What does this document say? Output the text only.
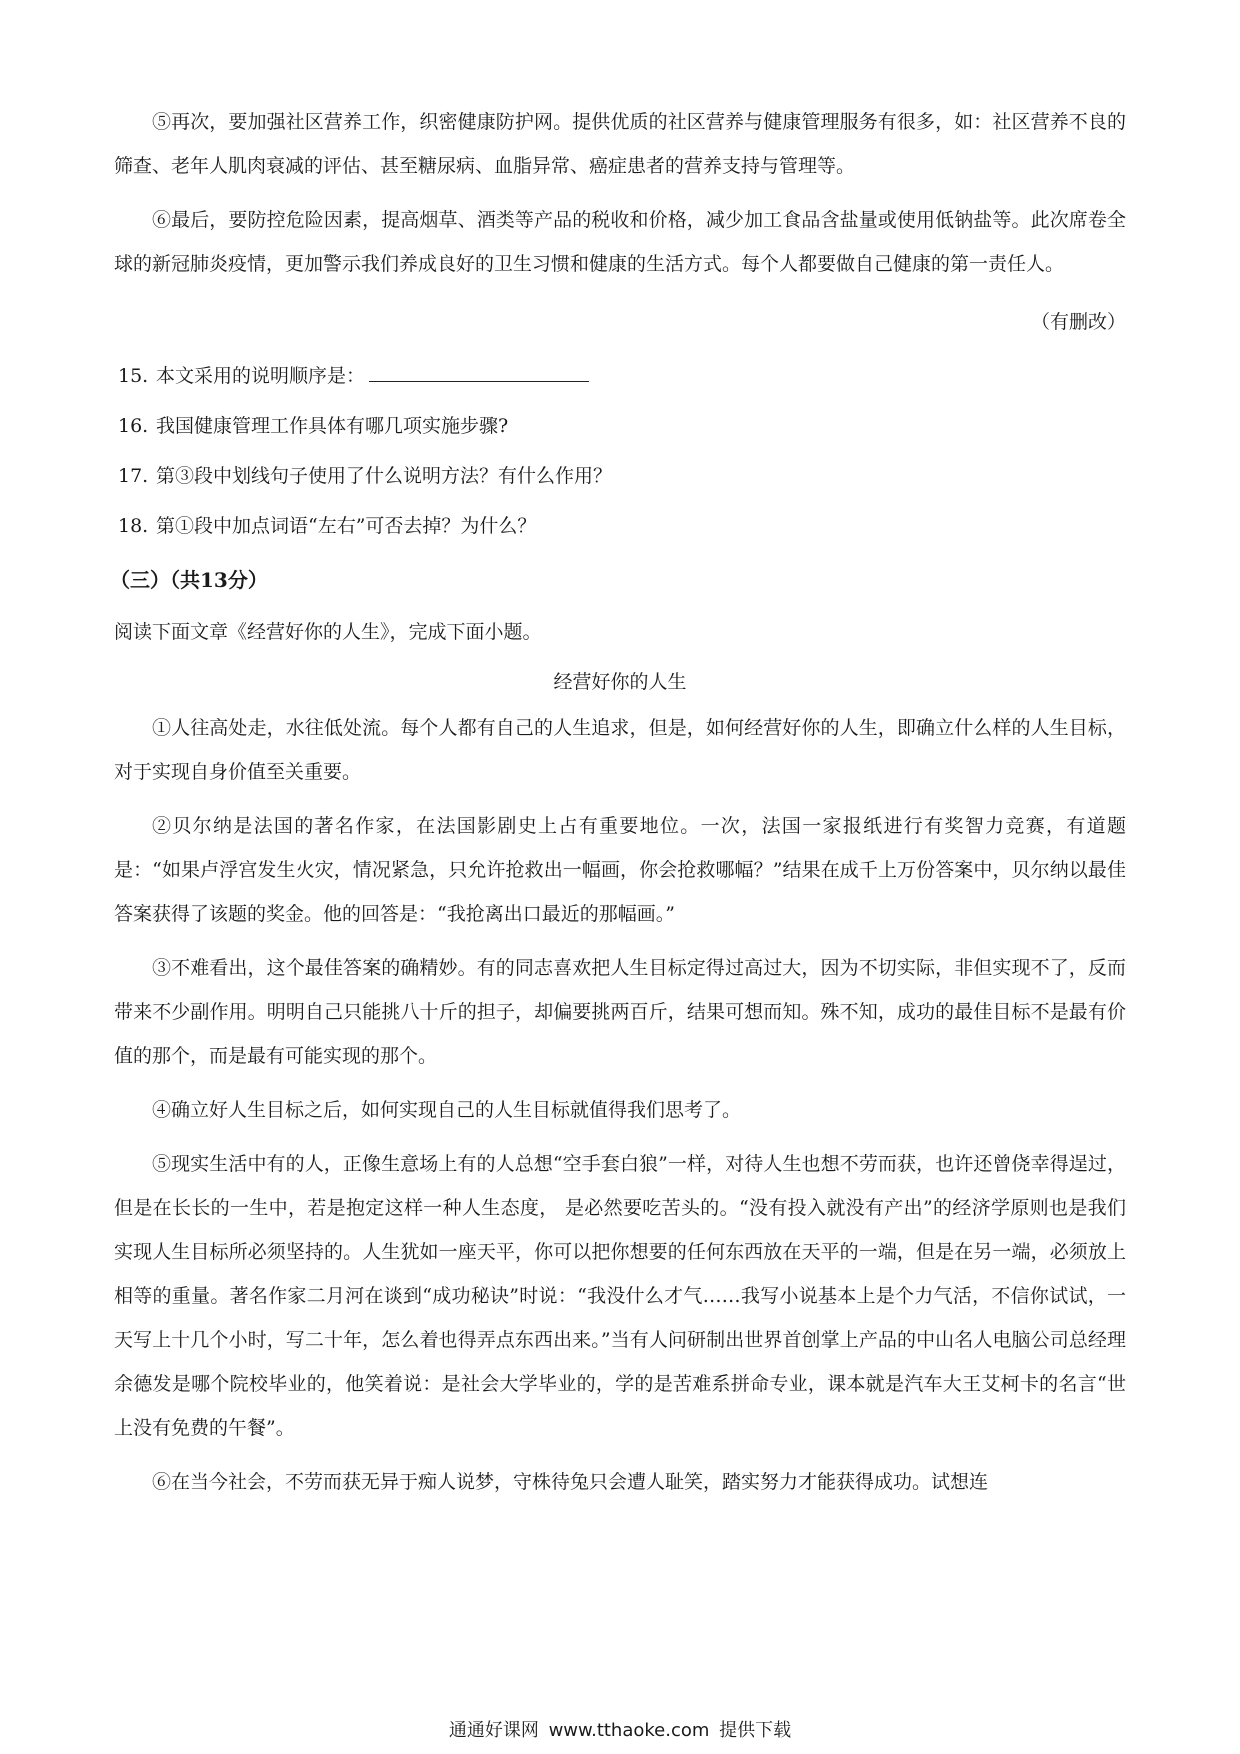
⑤再次，要加强社区营养工作，织密健康防护网。提供优质的社区营养与健康管理服务有很多，如：社区营养不良的筛查、老年人肌肉衰减的评估、甚至糖尿病、血脂异常、癌症患者的营养支持与管理等。

⑥最后，要防控危险因素，提高烟草、酒类等产品的税收和价格，减少加工食品含盐量或使用低钠盐等。此次席卷全球的新冠肺炎疫情，更加警示我们养成良好的卫生习惯和健康的生活方式。每个人都要做自己健康的第一责任人。

（有删改）
15. 本文采用的说明顺序是：
16. 我国健康管理工作具体有哪几项实施步骤?
17. 第③段中划线句子使用了什么说明方法？有什么作用？
18. 第①段中加点词语“左右”可否去掉？为什么？
（三）（共13分）
阅读下面文章《经营好你的人生》，完成下面小题。
经营好你的人生

①人往高处走，水往低处流。每个人都有自己的人生追求，但是，如何经营好你的人生，即确立什么样的人生目标，对于实现自身价值至关重要。

②贝尔纳是法国的著名作家，在法国影剧史上占有重要地位。一次，法国一家报纸进行有奖智力竞赛，有道题是：“如果卢浮宫发生火灾，情况紧急，只允许抢救出一幅画，你会抢救哪幅？”结果在成千上万份答案中，贝尔纳以最佳答案获得了该题的奖金。他的回答是：“我抢离出口最近的那幅画。”

③不难看出，这个最佳答案的确精妙。有的同志喜欢把人生目标定得过高过大，因为不切实际，非但实现不了，反而带来不少副作用。明明自己只能挑八十斤的担子，却偏要挑两百斤，结果可想而知。殊不知，成功的最佳目标不是最有价值的那个，而是最有可能实现的那个。

④确立好人生目标之后，如何实现自己的人生目标就值得我们思考了。

⑤现实生活中有的人，正像生意场上有的人总想“空手套白狼”一样，对待人生也想不劳而获，也许还曾侥幸得逞过，但是在长长的一生中，若是抱定这样一种人生态度， 是必然要吃苦头的。“没有投入就没有产出”的经济学原则也是我们实现人生目标所必须坚持的。人生犹如一座天平，你可以把你想要的任何东西放在天平的一端，但是在另一端，必须放上相等的重量。著名作家二月河在谈到“成功秘诀”时说：“我没什么才气……我写小说基本上是个力气活，不信你试试，一天写上十几个小时，写二十年，怎么着也得弄点东西出来。”当有人问研制出世界首创掌上产品的中山名人电脑公司总经理余德发是哪个院校毕业的，他笑着说：是社会大学毕业的，学的是苦难系拼命专业，课本就是汽车大王艾柯卡的名言“世上没有免费的午餐”。

⑥在当今社会，不劳而获无异于痴人说梦，守株待兔只会遭人耻笑，踏实努力才能获得成功。试想连

通通好课网 www.tthaoke.com 提供下载
